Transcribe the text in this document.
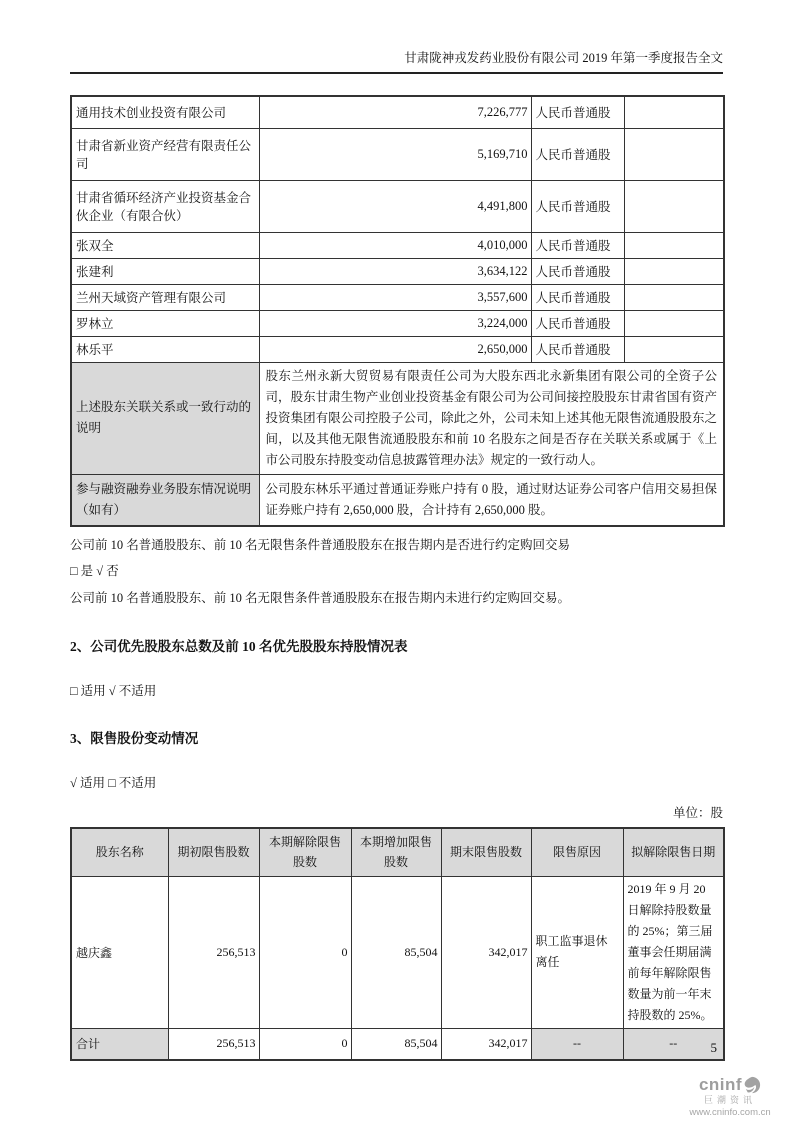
甘肃陇神戎发药业股份有限公司 2019 年第一季度报告全文
通用技术创业投资有限公司	7,226,777	人民币普通股	
甘肃省新业资产经营有限责任公司	5,169,710	人民币普通股	
甘肃省循环经济产业投资基金合伙企业（有限合伙）	4,491,800	人民币普通股	
张双全	4,010,000	人民币普通股	
张建利	3,634,122	人民币普通股	
兰州天域资产管理有限公司	3,557,600	人民币普通股	
罗林立	3,224,000	人民币普通股	
林乐平	2,650,000	人民币普通股	
上述股东关联关系或一致行动的说明	股东兰州永新大贸贸易有限责任公司为大股东西北永新集团有限公司的全资子公司，股东甘肃生物产业创业投资基金有限公司为公司间接控股股东甘肃省国有资产投资集团有限公司控股子公司，除此之外，公司未知上述其他无限售流通股股东之间，以及其他无限售流通股股东和前 10 名股东之间是否存在关联关系或属于《上市公司股东持股变动信息披露管理办法》规定的一致行动人。		
参与融资融券业务股东情况说明（如有）	公司股东林乐平通过普通证券账户持有 0 股，通过财达证券公司客户信用交易担保证券账户持有 2,650,000 股，合计持有 2,650,000 股。		
公司前 10 名普通股股东、前 10 名无限售条件普通股股东在报告期内是否进行约定购回交易
□ 是 √ 否
公司前 10 名普通股股东、前 10 名无限售条件普通股股东在报告期内未进行约定购回交易。
2、公司优先股股东总数及前 10 名优先股股东持股情况表
□ 适用 √ 不适用
3、限售股份变动情况
√ 适用 □ 不适用
单位：股
股东名称	期初限售股数	本期解除限售股数	本期增加限售股数	期末限售股数	限售原因	拟解除限售日期
越庆鑫	256,513	0	85,504	342,017	职工监事退休离任	2019 年 9 月 20 日解除持股数量的 25%；第三届董事会任期届满前每年解除限售数量为前一年末持股数的 25%。
合计	256,513	0	85,504	342,017	--	--	5
cninf
巨潮资讯
www.cninfo.com.cn
